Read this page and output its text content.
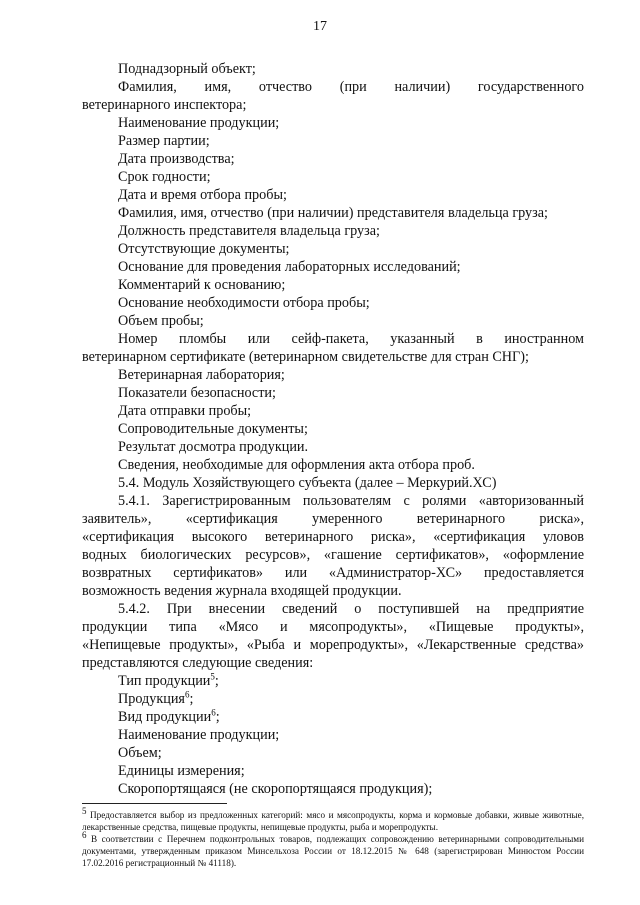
17

Поднадзорный объект;

Фамилия, имя, отчество (при наличии) государственного

ветеринарного инспектора;

Наименование продукции;

Размер партии;

Дата производства;

Срок годности;

Дата и время отбора пробы;

Фамилия, имя, отчество (при наличии) представителя владельца груза;

Должность представителя владельца груза;

Отсутствующие документы;

Основание для проведения лабораторных исследований;

Комментарий к основанию;

Основание необходимости отбора пробы;

Объем пробы;

Номер пломбы или сейф-пакета, указанный в иностранном

ветеринарном сертификате (ветеринарном свидетельстве для стран СНГ);

Ветеринарная лаборатория;

Показатели безопасности;

Дата отправки пробы;

Сопроводительные документы;

Результат досмотра продукции.

Сведения, необходимые для оформления акта отбора проб.

5.4. Модуль Хозяйствующего субъекта (далее – Меркурий.ХС)

5.4.1. Зарегистрированным пользователям с ролями «авторизованный

заявитель», «сертификация умеренного ветеринарного риска»,

«сертификация высокого ветеринарного риска», «сертификация уловов

водных биологических ресурсов», «гашение сертификатов», «оформление

возвратных сертификатов» или «Администратор-ХС» предоставляется

возможность ведения журнала входящей продукции.

5.4.2. При внесении сведений о поступившей на предприятие

продукции типа «Мясо и мясопродукты», «Пищевые продукты»,

«Непищевые продукты», «Рыба и морепродукты», «Лекарственные средства»

представляются следующие сведения:

Тип продукции$^5$;

Продукция$^6$;

Вид продукции$^6$;

Наименование продукции;

Объем;

Единицы измерения;

Скоропортящаяся (не скоропортящаяся продукция);

$^5$ Предоставляется выбор из предложенных категорий: мясо и мясопродукты, корма и кормовые добавки, живые животные, лекарственные средства, пищевые продукты, непищевые продукты, рыба и морепродукты.

$^6$ В соответствии с Перечнем подконтрольных товаров, подлежащих сопровождению ветеринарными сопроводительными документами, утвержденным приказом Минсельхоза России от 18.12.2015 № 648 (зарегистрирован Минюстом России 17.02.2016 регистрационный № 41118).
